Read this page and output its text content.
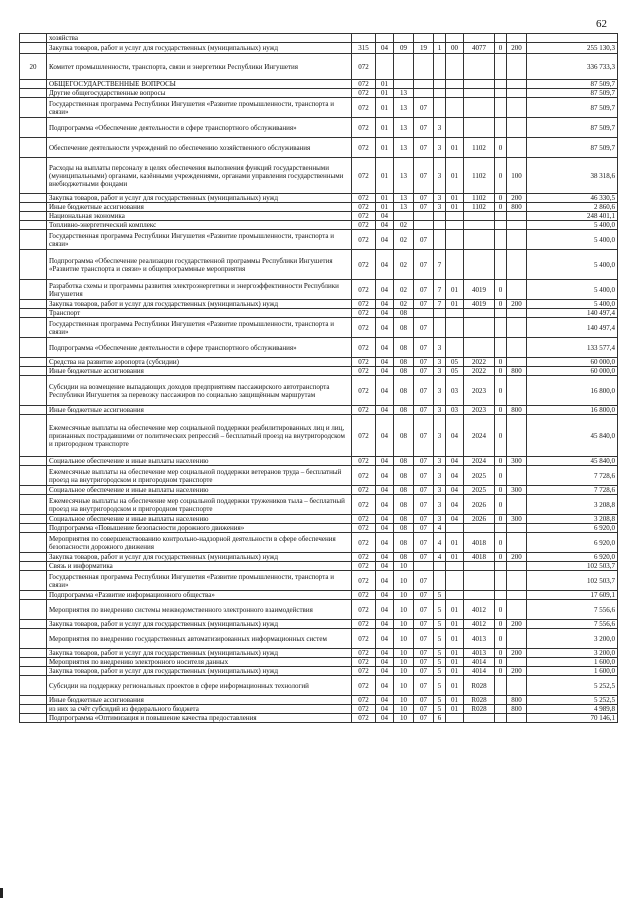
62
	хозяйства										
	Закупка товаров, работ и услуг для государственных (муниципальных) нужд	315	04	09	19	1	00	4077	0	200	255 130,3
20	Комитет промышленности, транспорта, связи и энергетики Республики Ингушетия	072									336 733,3
	ОБЩЕГОСУДАРСТВЕННЫЕ ВОПРОСЫ	072	01								87 509,7
	Другие общегосударственные вопросы	072	01	13							87 509,7
	Государственная программа Республики Ингушетия «Развитие промышленности, транспорта и связи»	072	01	13	07						87 509,7
	Подпрограмма «Обеспечение деятельности в сфере транспортного обслуживания»	072	01	13	07	3					87 509,7
	Обеспечение деятельности учреждений по обеспечению хозяйственного обслуживания	072	01	13	07	3	01	1102	0		87 509,7
	Расходы на выплаты персоналу в целях обеспечения выполнения функций государственными (муниципальными) органами, казёнными учреждениями, органами управления государственными внебюджетными фондами	072	01	13	07	3	01	1102	0	100	38 318,6
	Закупка товаров, работ и услуг для государственных (муниципальных) нужд	072	01	13	07	3	01	1102	0	200	46 330,5
	Иные бюджетные ассигнования	072	01	13	07	3	01	1102	0	800	2 860,6
	Национальная экономика	072	04								248 401,1
	Топливно-энергетический комплекс	072	04	02							5 400,0
	Государственная программа Республики Ингушетия «Развитие промышленности, транспорта и связи»	072	04	02	07						5 400,0
	Подпрограмма «Обеспечение реализации государственной программы Республики Ингушетия «Развитие транспорта и связи» и общепрограммные мероприятия	072	04	02	07	7					5 400,0
	Разработка схемы и программы развития электроэнергетики и энергоэффективности Республики Ингушетия	072	04	02	07	7	01	4019	0		5 400,0
	Закупка товаров, работ и услуг для государственных (муниципальных) нужд	072	04	02	07	7	01	4019	0	200	5 400,0
	Транспорт	072	04	08							140 497,4
	Государственная программа Республики Ингушетия «Развитие промышленности, транспорта и связи»	072	04	08	07						140 497,4
	Подпрограмма «Обеспечение деятельности в сфере транспортного обслуживания»	072	04	08	07	3					133 577,4
	Средства на развитие аэропорта (субсидии)	072	04	08	07	3	05	2022	0		60 000,0
	Иные бюджетные ассигнования	072	04	08	07	3	05	2022	0	800	60 000,0
	Субсидии на возмещение выпадающих доходов предприятиям пассажирского автотранспорта Республики Ингушетия за перевозку пассажиров по социально защищённым маршрутам	072	04	08	07	3	03	2023	0		16 800,0
	Иные бюджетные ассигнования	072	04	08	07	3	03	2023	0	800	16 800,0
	Ежемесячные выплаты на обеспечение мер социальной поддержки реабилитированных лиц и лиц, признанных пострадавшими от политических репрессий – бесплатный проезд на внутригородском и пригородном транспорте	072	04	08	07	3	04	2024	0		45 840,0
	Социальное обеспечение и иные выплаты населению	072	04	08	07	3	04	2024	0	300	45 840,0
	Ежемесячные выплаты на обеспечение мер социальной поддержки ветеранов труда – бесплатный проезд на внутригородском и пригородном транспорте	072	04	08	07	3	04	2025	0		7 728,6
	Социальное обеспечение и иные выплаты населению	072	04	08	07	3	04	2025	0	300	7 728,6
	Ежемесячные выплаты на обеспечение мер социальной поддержки тружеников тыла – бесплатный проезд на внутригородском и пригородном транспорте	072	04	08	07	3	04	2026	0		3 208,8
	Социальное обеспечение и иные выплаты населению	072	04	08	07	3	04	2026	0	300	3 208,8
	Подпрограмма «Повышение безопасности дорожного движения»	072	04	08	07	4					6 920,0
	Мероприятия по совершенствованию контрольно-надзорной деятельности в сфере обеспечения безопасности дорожного движения	072	04	08	07	4	01	4018	0		6 920,0
	Закупка товаров, работ и услуг для государственных (муниципальных) нужд	072	04	08	07	4	01	4018	0	200	6 920,0
	Связь и информатика	072	04	10							102 503,7
	Государственная программа Республики Ингушетия «Развитие промышленности, транспорта и связи»	072	04	10	07						102 503,7
	Подпрограмма «Развитие информационного общества»	072	04	10	07	5					17 609,1
	Мероприятия по внедрению системы межведомственного электронного взаимодействия	072	04	10	07	5	01	4012	0		7 556,6
	Закупка товаров, работ и услуг для государственных (муниципальных) нужд	072	04	10	07	5	01	4012	0	200	7 556,6
	Мероприятия по внедрению государственных автоматизированных информационных систем	072	04	10	07	5	01	4013	0		3 200,0
	Закупка товаров, работ и услуг для государственных (муниципальных) нужд	072	04	10	07	5	01	4013	0	200	3 200,0
	Мероприятия по внедрению электронного носителя данных	072	04	10	07	5	01	4014	0		1 600,0
	Закупка товаров, работ и услуг для государственных (муниципальных) нужд	072	04	10	07	5	01	4014	0	200	1 600,0
	Субсидии на поддержку региональных проектов в сфере информационных технологий	072	04	10	07	5	01	R028			5 252,5
	Иные бюджетные ассигнования	072	04	10	07	5	01	R028		800	5 252,5
	из них за счёт субсидий из федерального бюджета	072	04	10	07	5	01	R028		800	4 989,8
	Подпрограмма «Оптимизация и повышение качества предоставления	072	04	10	07	6					70 146,1
